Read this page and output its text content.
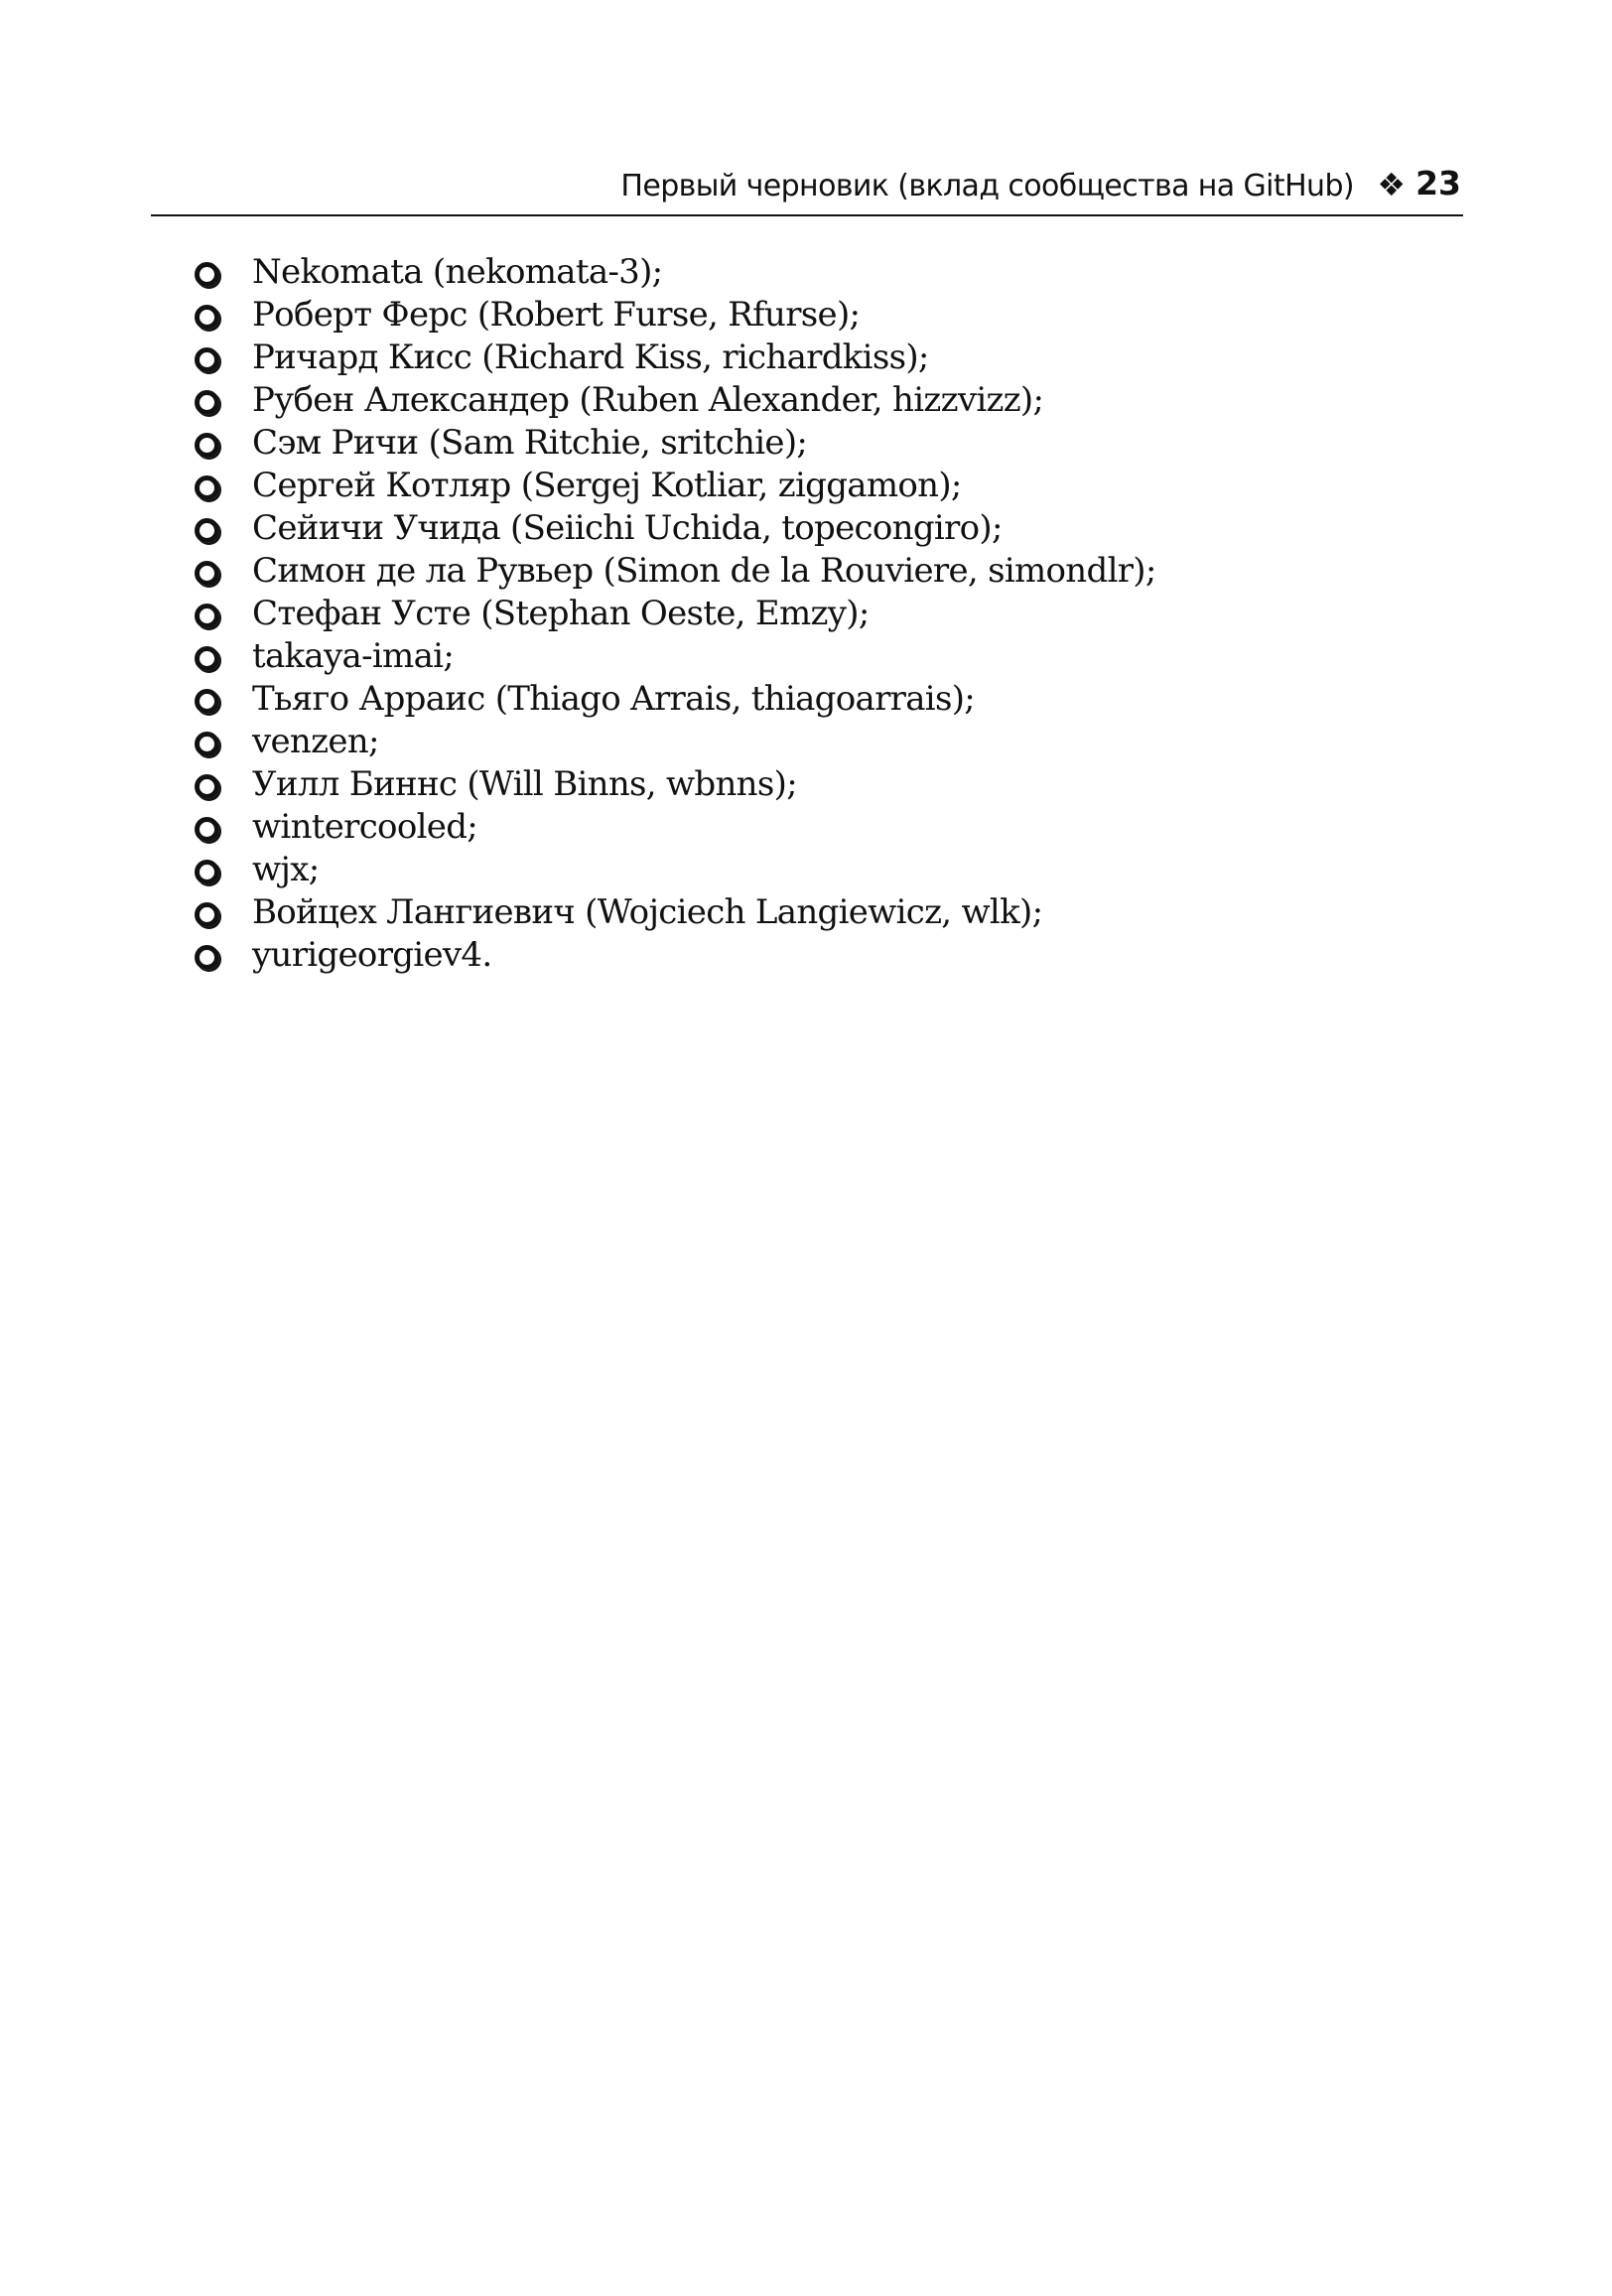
Первый черновик (вклад сообщества на GitHub) ❖ 23
Nekomata (nekomata-3);
Роберт Ферс (Robert Furse, Rfurse);
Ричард Кисс (Richard Kiss, richardkiss);
Рубен Александер (Ruben Alexander, hizzvizz);
Сэм Ричи (Sam Ritchie, sritchie);
Сергей Котляр (Sergej Kotliar, ziggamon);
Сейичи Учида (Seiichi Uchida, topecongiro);
Симон де ла Рувьер (Simon de la Rouviere, simondlr);
Стефан Усте (Stephan Oeste, Emzy);
takaya-imai;
Тьяго Арраис (Thiago Arrais, thiagoarrais);
venzen;
Уилл Биннс (Will Binns, wbnns);
wintercooled;
wjx;
Войцех Лангиевич (Wojciech Langiewicz, wlk);
yurigeorgiev4.
